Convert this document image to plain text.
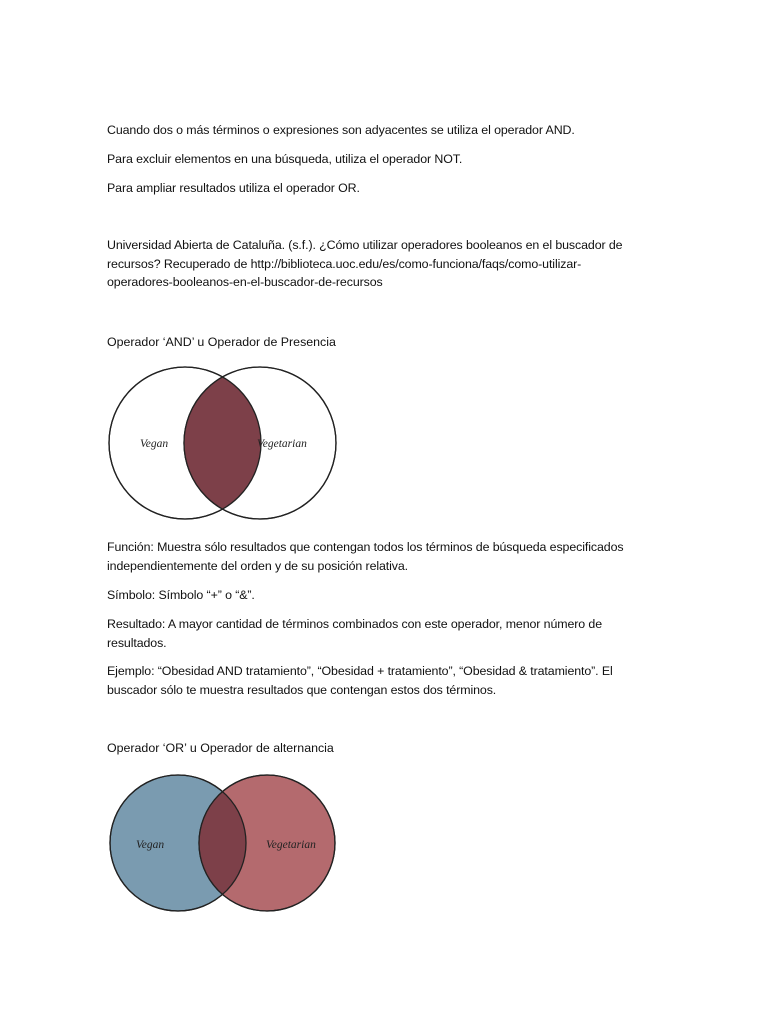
Cuando dos o más términos o expresiones son adyacentes se utiliza el operador AND.
Para excluir elementos en una búsqueda, utiliza el operador NOT.
Para ampliar resultados utiliza el operador OR.
Universidad Abierta de Cataluña. (s.f.). ¿Cómo utilizar operadores booleanos en el buscador de
recursos? Recuperado de http://biblioteca.uoc.edu/es/como-funciona/faqs/como-utilizar-
operadores-booleanos-en-el-buscador-de-recursos
Operador ‘AND’ u Operador de Presencia
Vegan	Vegetarian
Función: Muestra sólo resultados que contengan todos los términos de búsqueda especificados
independientemente del orden y de su posición relativa.
Símbolo: Símbolo “+” o “&”.
Resultado: A mayor cantidad de términos combinados con este operador, menor número de
resultados.
Ejemplo: “Obesidad AND tratamiento”, “Obesidad + tratamiento”, “Obesidad & tratamiento”. El
buscador sólo te muestra resultados que contengan estos dos términos.
Operador ‘OR’ u Operador de alternancia
Vegan	Vegetarian
